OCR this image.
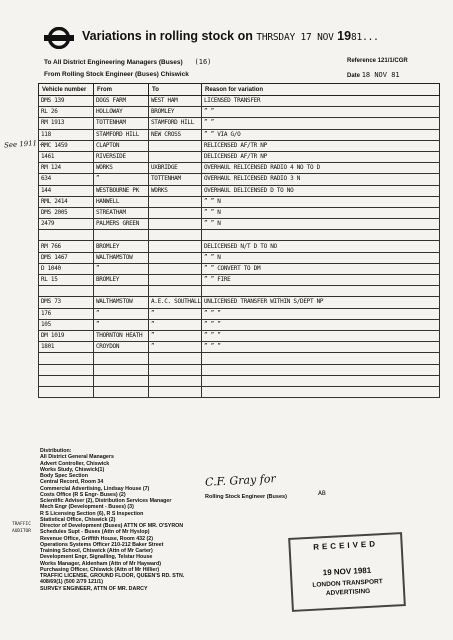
Variations in rolling stock on THRSDAY 17 NOV 1981...
To All District Engineering Managers (Buses) (16)	Reference 121/1/CGR
From Rolling Stock Engineer (Buses) Chiswick	Date 18 NOV 81
See 1911 ...
Vehicle number	From	To	Reason for variation
DMS 139	DOGS FARM	WEST HAM	LICENSED TRANSFER
RL 26	HOLLOWAY	BROMLEY	” ”
RM 1913	TOTTENHAM	STAMFORD HILL	” ”
118	STAMFORD HILL	NEW CROSS	” ” VIA G/O
RMC 1459	CLAPTON		RELICENSED AF/TR NP
1461	RIVERSIDE		DELICENSED AF/TR NP
RM 124	WORKS	UXBRIDGE	OVERHAUL RELICENSED RADIO 4 NO TO D
634	”	TOTTENHAM	OVERHAUL RELICENSED RADIO 3 N
144	WESTBOURNE PK	WORKS	OVERHAUL DELICENSED D TO NO
RML 2414	HANWELL		” ” N
DMS 2005	STREATHAM		” ” N
2479	PALMERS GREEN		” ” N

RM 766	BROMLEY		DELICENSED N/T D TO NO
DMS 1467	WALTHAMSTOW		” ” N
D 1040	”		” ” CONVERT TO DM
RL 15	BROMLEY		” ” FIRE

DMS 73	WALTHAMSTOW	A.E.C. SOUTHALL	UNLICENSED TRANSFER WITHIN S/DEPT NP
176	”	”	” ” ”
105	”	”	” ” ”
DM 1019	THORNTON HEATH	”	” ” ”
1801	CROYDON	”	” ” ”

Distribution:
All District General Managers
Advert Controller, Chiswick
Works Study, Chiswick(1)
Body Spec Section
Central Record, Room 34
Commercial Advertising, Lindsay House (7)
Costs Office (R S Engr- Buses) (2)
Scientific Adviser (2), Distribution Services Manager
Mech Engr (Development - Buses) (3)
R S Licensing Section (6), R S Inspection
Statistical Office, Chiswick (2)
Director of Development (Buses) ATTN OF MR. O'SYRON
Schedules Supt - Buses (Attn of Mr Hyslop)
Revenue Office, Griffith House, Room 432 (2)
Operations Systems Officer 210-212 Baker Street
Training School, Chiswick (Attn of Mr Carter)
Development Engr, Signalling, Telstar House
Works Manager, Aldenham (Attn of Mr Hayward)
Purchasing Officer, Chiswick (Attn of Mr Hillier)
TRAFFIC LICENSE, GROUND FLOOR, QUEEN'S RD. STN.
408/69(1) (500 2/79 121/1)
SURVEY ENGINEER, ATTN OF MR. DARCY
TRAFFIC
AUDITOR
C.F. Gray for
AB
Rolling Stock Engineer (Buses)
RECEIVED
19 NOV 1981
LONDON TRANSPORT
ADVERTISING
